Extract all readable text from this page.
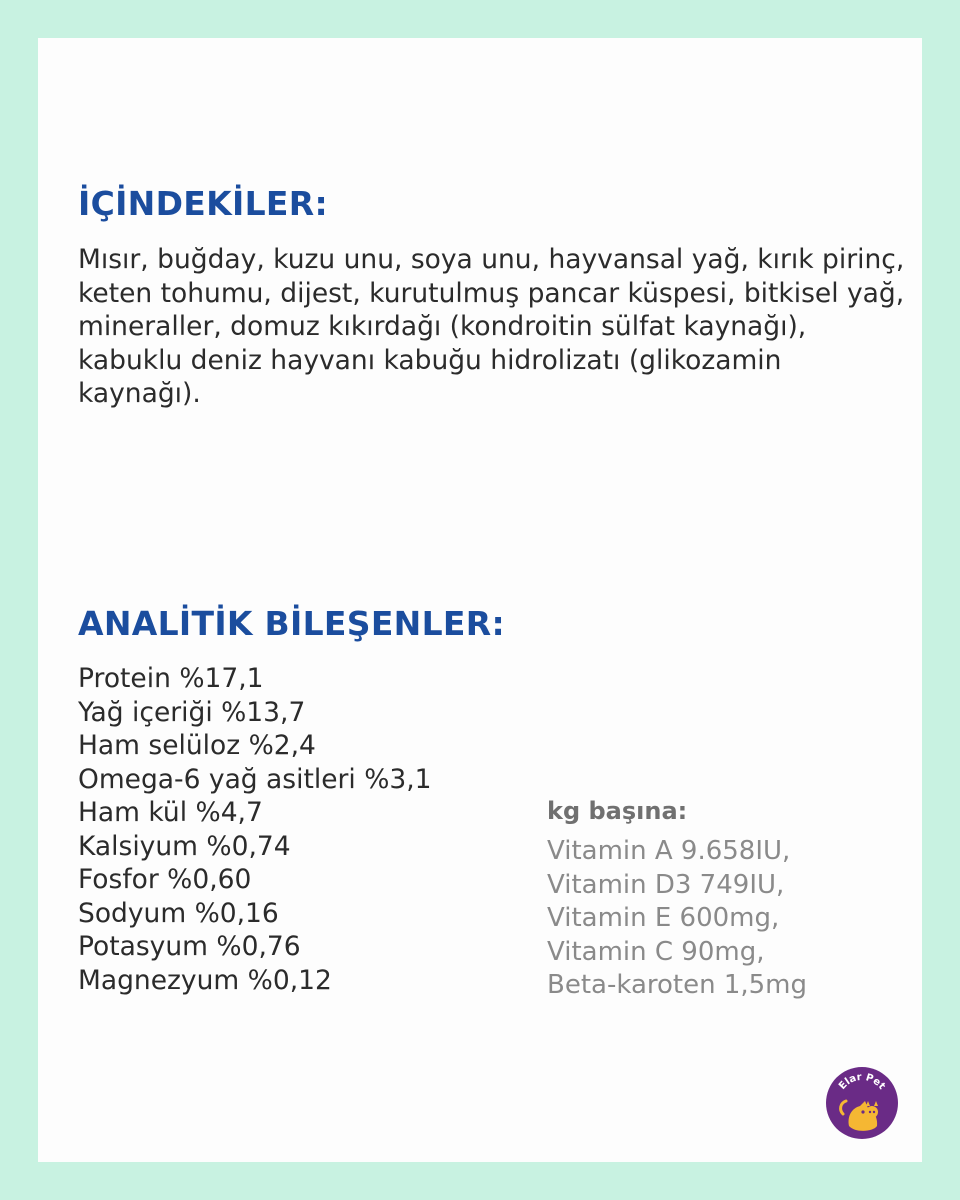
İÇİNDEKİLER:

Mısır, buğday, kuzu unu, soya unu, hayvansal yağ, kırık pirinç, keten tohumu, dijest, kurutulmuş pancar küspesi, bitkisel yağ, mineraller, domuz kıkırdağı (kondroitin sülfat kaynağı), kabuklu deniz hayvanı kabuğu hidrolizatı (glikozamin kaynağı).

ANALİTİK BİLEŞENLER:
Protein %17,1
Yağ içeriği %13,7
Ham selüloz %2,4
Omega-6 yağ asitleri %3,1
Ham kül %4,7
Kalsiyum %0,74
Fosfor %0,60
Sodyum %0,16
Potasyum %0,76
Magnezyum %0,12
kg başına:
Vitamin A 9.658IU,
Vitamin D3 749IU,
Vitamin E 600mg,
Vitamin C 90mg,
Beta-karoten 1,5mg
Elar Pet
